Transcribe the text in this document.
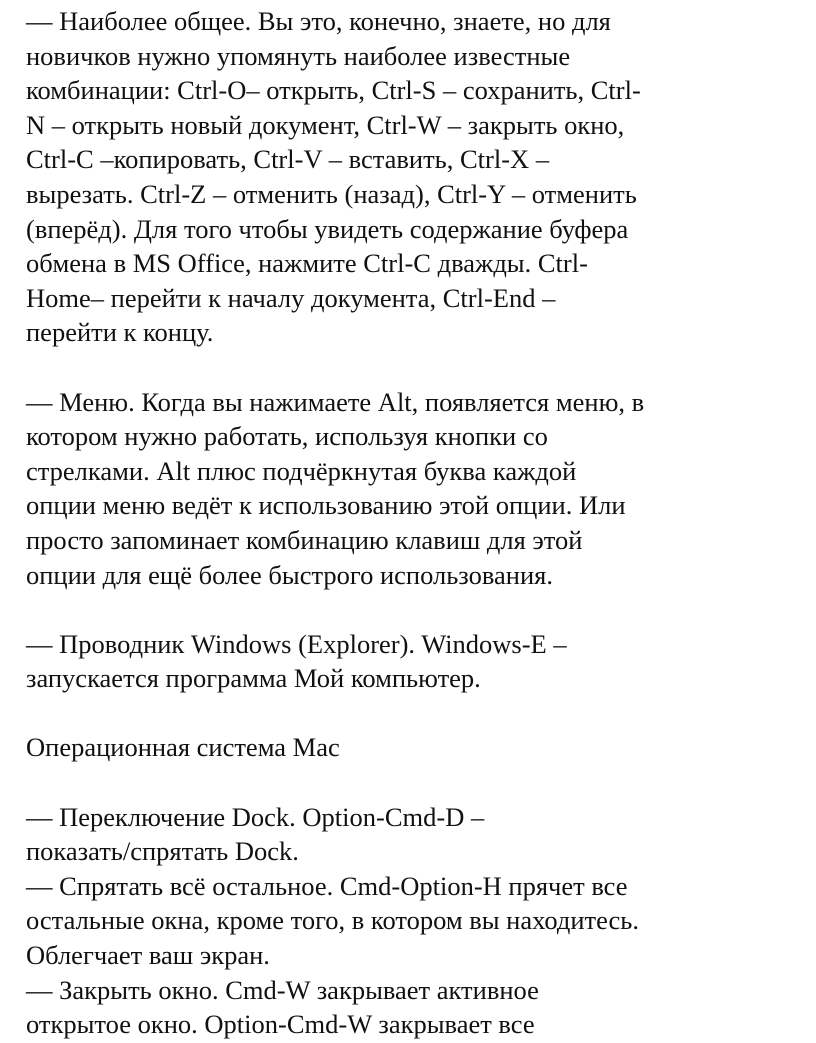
— Наиболее общее. Вы это, конечно, знаете, но для
новичков нужно упомянуть наиболее известные
комбинации: Ctrl-O– открыть, Ctrl-S – сохранить, Ctrl-
N – открыть новый документ, Ctrl-W – закрыть окно,
Ctrl-C –копировать, Ctrl-V – вставить, Ctrl-X –
вырезать. Ctrl-Z – отменить (назад), Ctrl-Y – отменить
(вперёд). Для того чтобы увидеть содержание буфера
обмена в MS Office, нажмите Ctrl-C дважды. Ctrl-
Home– перейти к началу документа, Ctrl-End –
перейти к концу.

— Меню. Когда вы нажимаете Alt, появляется меню, в
котором нужно работать, используя кнопки со
стрелками. Alt плюс подчёркнутая буква каждой
опции меню ведёт к использованию этой опции. Или
просто запоминает комбинацию клавиш для этой
опции для ещё более быстрого использования.

— Проводник Windows (Explorer). Windows-E –
запускается программа Мой компьютер.

Операционная система Mac

— Переключение Dock. Option-Cmd-D –
показать/спрятать Dock.
— Спрятать всё остальное. Cmd-Option-H прячет все
остальные окна, кроме того, в котором вы находитесь.
Облегчает ваш экран.
— Закрыть окно. Cmd-W закрывает активное
открытое окно. Option-Cmd-W закрывает все
